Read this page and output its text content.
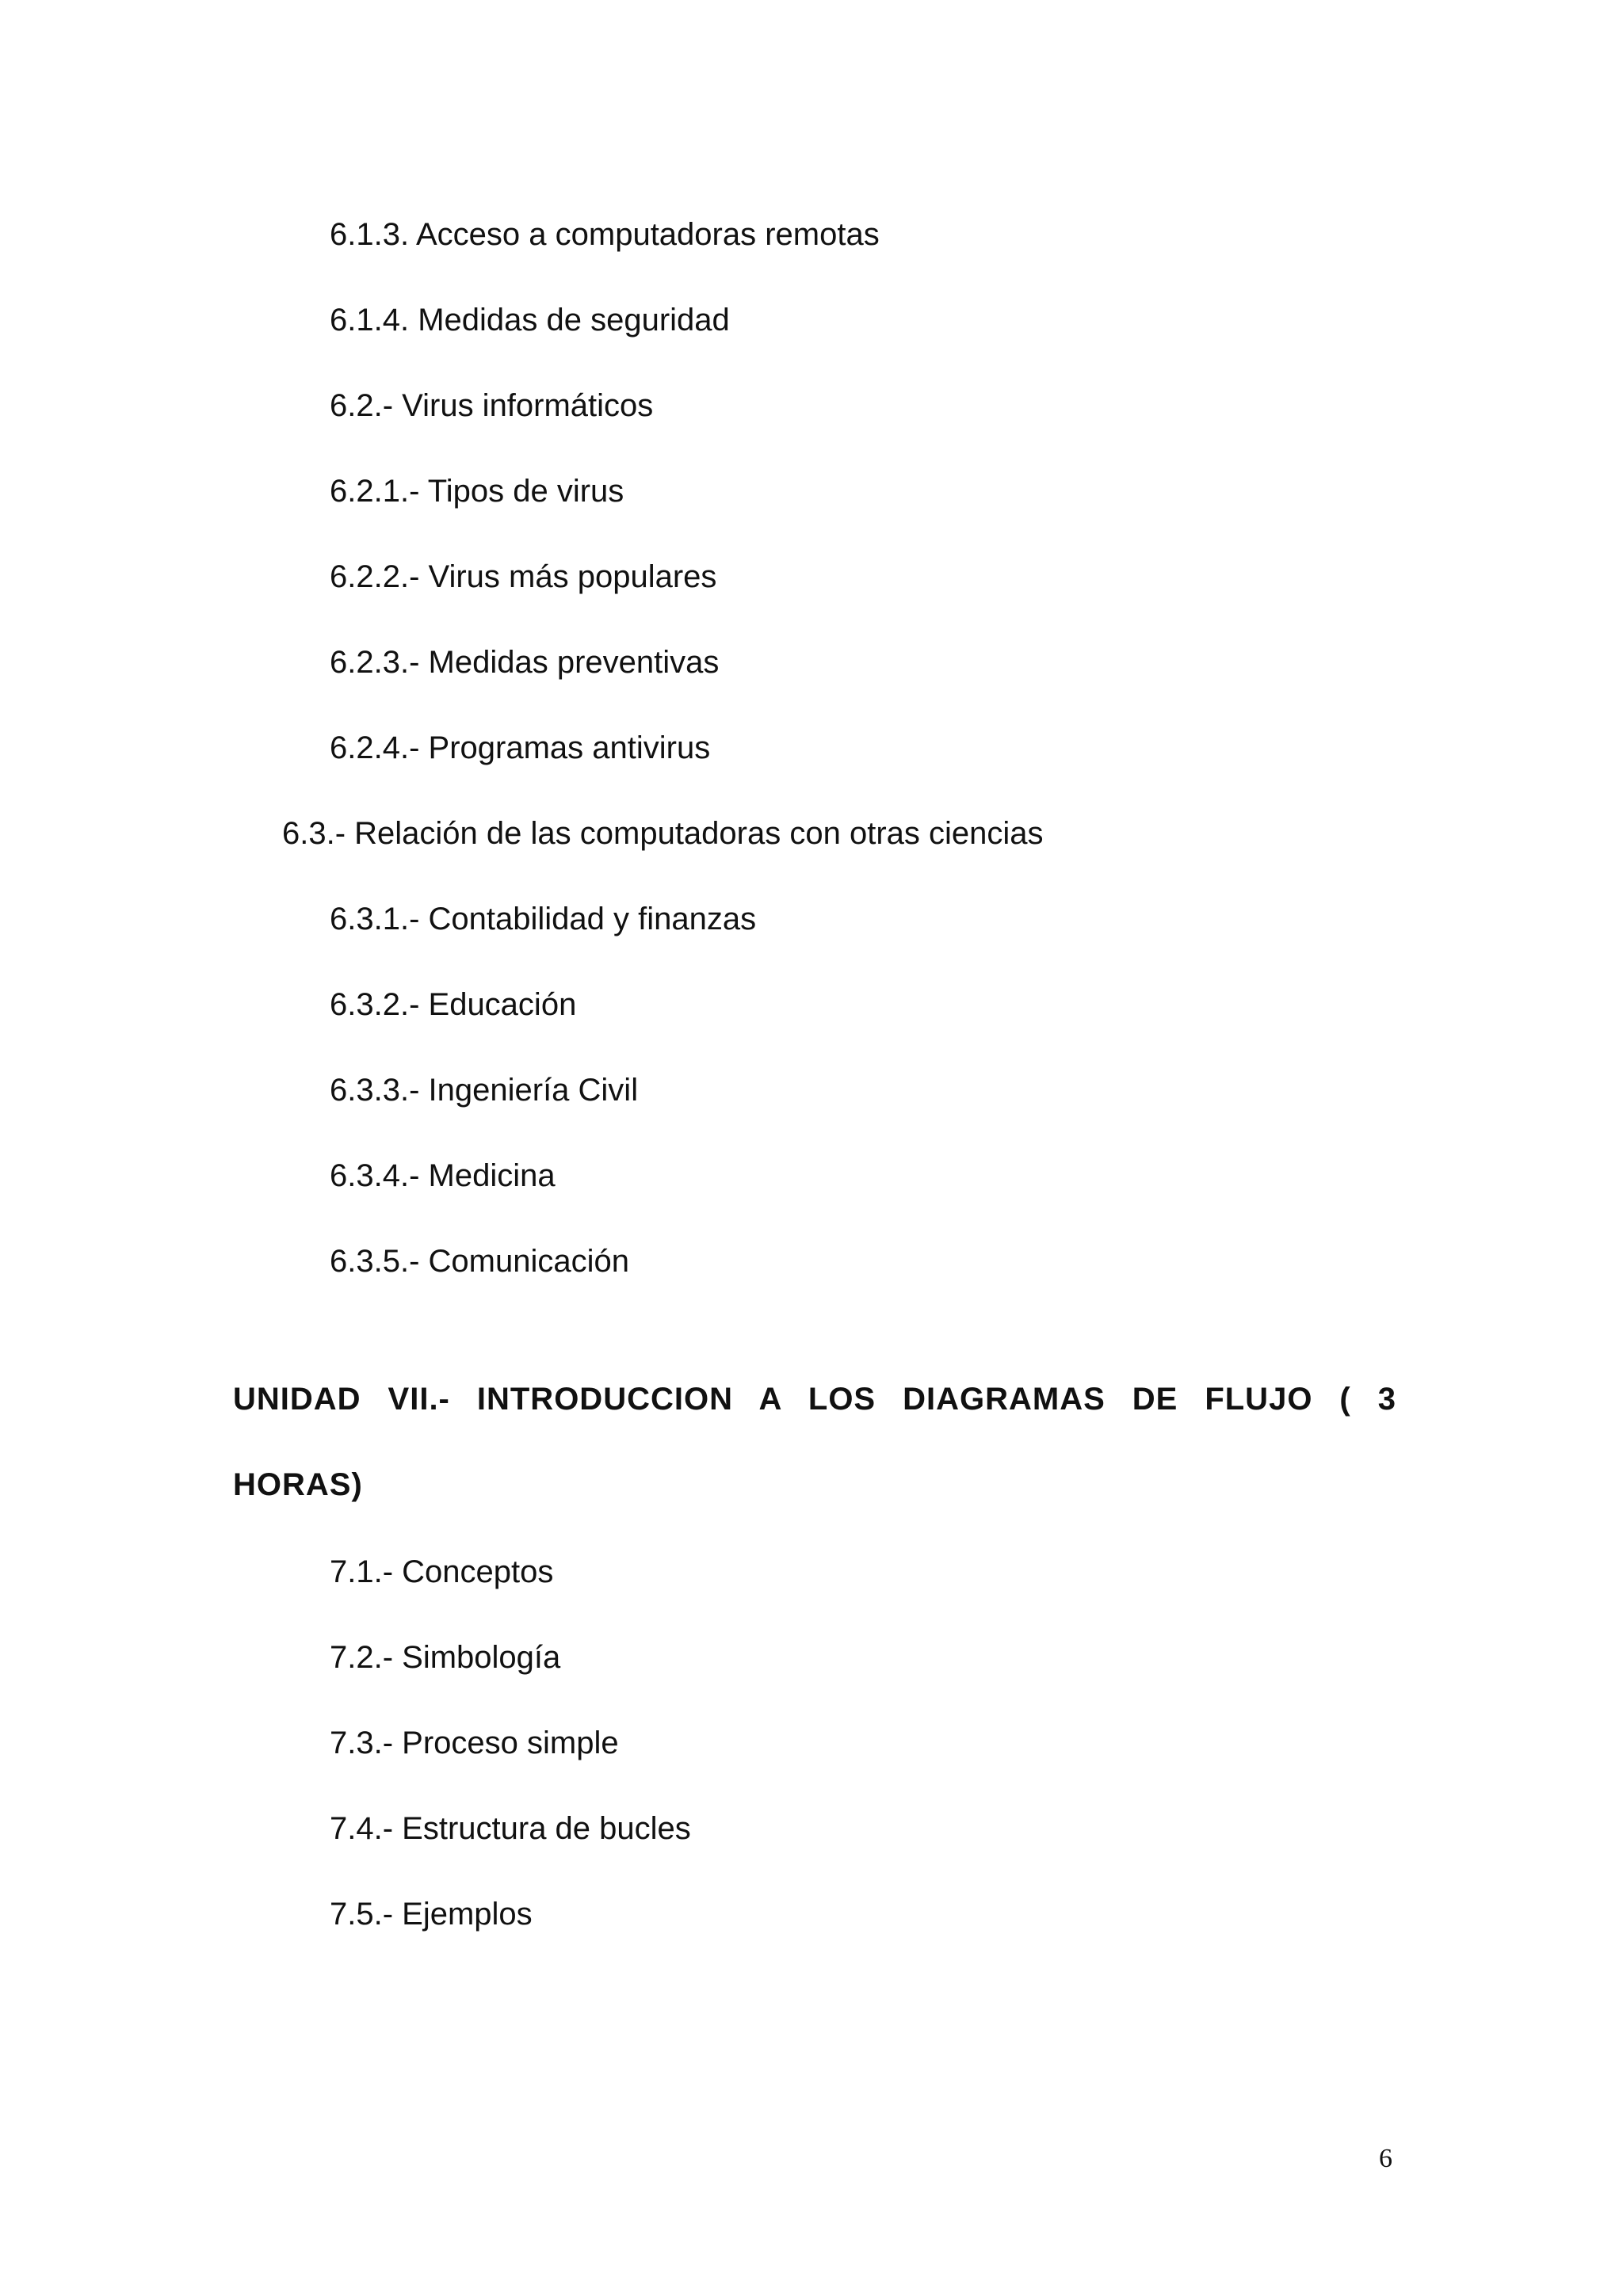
6.1.3. Acceso a computadoras remotas

6.1.4. Medidas de seguridad

6.2.- Virus informáticos

6.2.1.- Tipos de virus

6.2.2.- Virus más populares

6.2.3.- Medidas preventivas

6.2.4.- Programas antivirus

6.3.- Relación de las computadoras con otras ciencias

6.3.1.- Contabilidad y finanzas

6.3.2.- Educación

6.3.3.- Ingeniería Civil

6.3.4.- Medicina

6.3.5.- Comunicación

UNIDAD VII.- INTRODUCCION A LOS DIAGRAMAS DE FLUJO ( 3 HORAS)

7.1.- Conceptos

7.2.- Simbología

7.3.- Proceso simple

7.4.- Estructura de bucles

7.5.- Ejemplos

6
